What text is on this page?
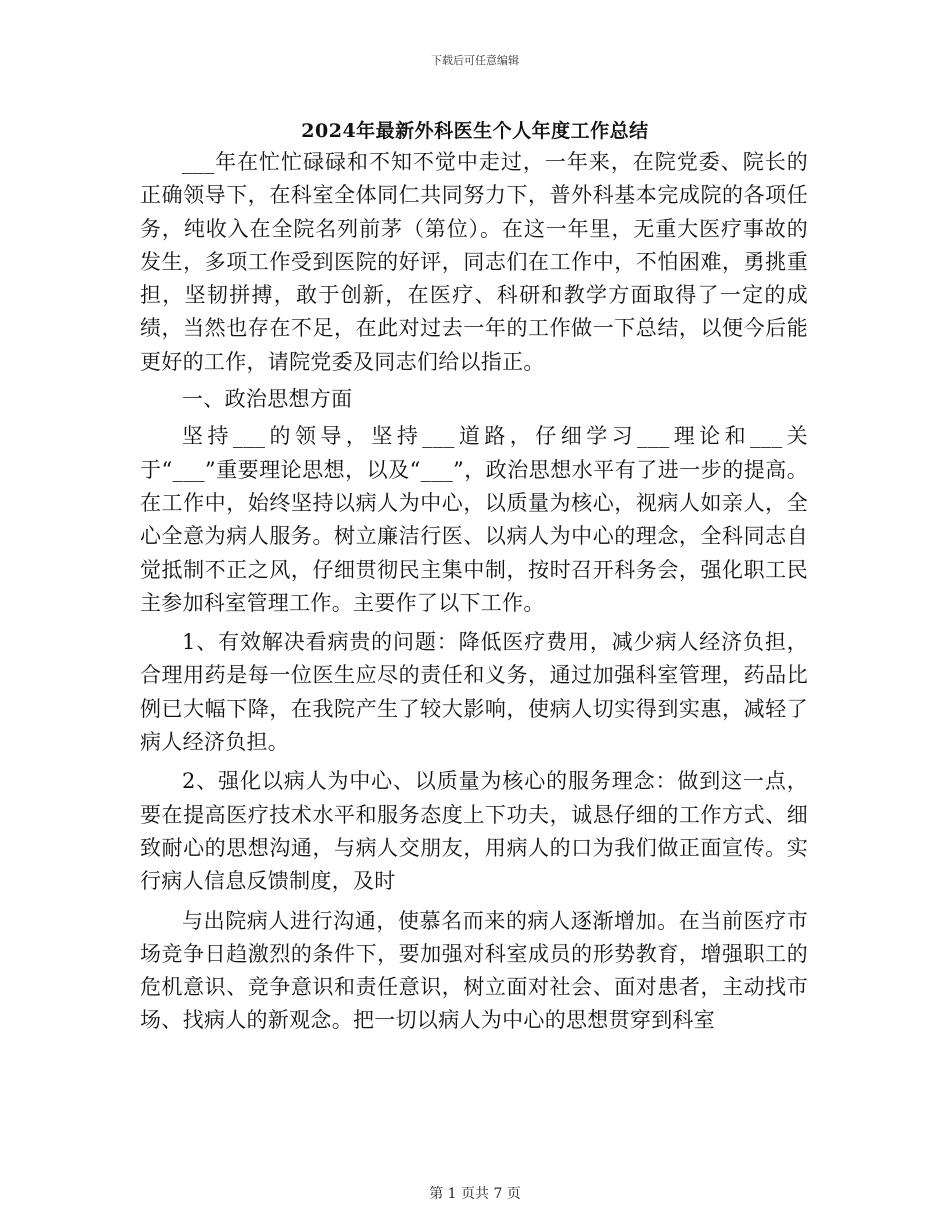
下载后可任意编辑
2024年最新外科医生个人年度工作总结

___年在忙忙碌碌和不知不觉中走过，一年来，在院党委、院长的正确领导下，在科室全体同仁共同努力下，普外科基本完成院的各项任务，纯收入在全院名列前茅（第位）。在这一年里，无重大医疗事故的发生，多项工作受到医院的好评，同志们在工作中，不怕困难，勇挑重担，坚韧拼搏，敢于创新，在医疗、科研和教学方面取得了一定的成绩，当然也存在不足，在此对过去一年的工作做一下总结，以便今后能更好的工作，请院党委及同志们给以指正。

一、政治思想方面

坚持___的领导，坚持___道路，仔细学习___理论和___关于“___”重要理论思想，以及“___”，政治思想水平有了进一步的提高。在工作中，始终坚持以病人为中心，以质量为核心，视病人如亲人，全心全意为病人服务。树立廉洁行医、以病人为中心的理念，全科同志自觉抵制不正之风，仔细贯彻民主集中制，按时召开科务会，强化职工民主参加科室管理工作。主要作了以下工作。

1、有效解决看病贵的问题：降低医疗费用，减少病人经济负担，合理用药是每一位医生应尽的责任和义务，通过加强科室管理，药品比例已大幅下降，在我院产生了较大影响，使病人切实得到实惠，减轻了病人经济负担。

2、强化以病人为中心、以质量为核心的服务理念：做到这一点，要在提高医疗技术水平和服务态度上下功夫，诚恳仔细的工作方式、细致耐心的思想沟通，与病人交朋友，用病人的口为我们做正面宣传。实行病人信息反馈制度，及时

与出院病人进行沟通，使慕名而来的病人逐渐增加。在当前医疗市场竞争日趋激烈的条件下，要加强对科室成员的形势教育，增强职工的危机意识、竞争意识和责任意识，树立面对社会、面对患者，主动找市场、找病人的新观念。把一切以病人为中心的思想贯穿到科室

第 1 页共 7 页
